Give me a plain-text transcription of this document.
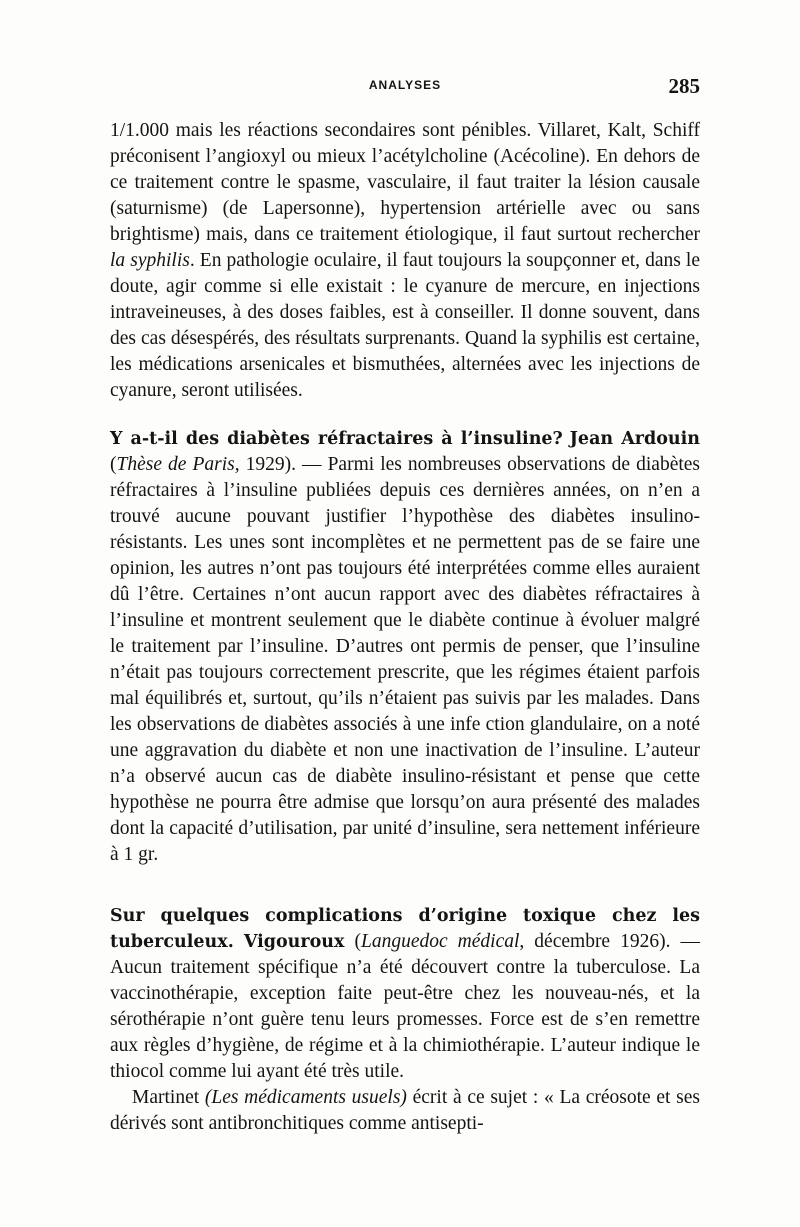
ANALYSES	285

1/1.000 mais les réactions secondaires sont pénibles. Villaret, Kalt, Schiff préconisent l’angioxyl ou mieux l’acétylcholine (Acécoline). En dehors de ce traitement contre le spasme, vasculaire, il faut traiter la lésion causale (saturnisme) (de Lapersonne), hypertension artérielle avec ou sans brightisme) mais, dans ce traitement étiologique, il faut surtout rechercher la syphilis. En pathologie oculaire, il faut toujours la soupçonner et, dans le doute, agir comme si elle existait : le cyanure de mercure, en injections intraveineuses, à des doses faibles, est à conseiller. Il donne souvent, dans des cas désespérés, des résultats surprenants. Quand la syphilis est certaine, les médications arsenicales et bismuthées, alternées avec les injections de cyanure, seront utilisées.

Y a-t-il des diabètes réfractaires à l’insuline? Jean Ardouin (Thèse de Paris, 1929). — Parmi les nombreuses observations de diabètes réfractaires à l’insuline publiées depuis ces dernières années, on n’en a trouvé aucune pouvant justifier l’hypothèse des diabètes insulino-résistants. Les unes sont incomplètes et ne permettent pas de se faire une opinion, les autres n’ont pas toujours été interprétées comme elles auraient dû l’être. Certaines n’ont aucun rapport avec des diabètes réfractaires à l’insuline et montrent seulement que le diabète continue à évoluer malgré le traitement par l’insuline. D’autres ont permis de penser, que l’insuline n’était pas toujours correctement prescrite, que les régimes étaient parfois mal équilibrés et, surtout, qu’ils n’étaient pas suivis par les malades. Dans les observations de diabètes associés à une infe ction glandulaire, on a noté une aggravation du diabète et non une inactivation de l’insuline. L’auteur n’a observé aucun cas de diabète insulino-résistant et pense que cette hypothèse ne pourra être admise que lorsqu’on aura présenté des malades dont la capacité d’utilisation, par unité d’insuline, sera nettement inférieure à 1 gr.

Sur quelques complications d’origine toxique chez les tuberculeux. Vigouroux (Languedoc médical, décembre 1926). — Aucun traitement spécifique n’a été découvert contre la tuberculose. La vaccinothérapie, exception faite peut-être chez les nouveau-nés, et la sérothérapie n’ont guère tenu leurs promesses. Force est de s’en remettre aux règles d’hygiène, de régime et à la chimiothérapie. L’auteur indique le thiocol comme lui ayant été très utile.

Martinet (Les médicaments usuels) écrit à ce sujet : « La créosote et ses dérivés sont antibronchitiques comme antisepti-
